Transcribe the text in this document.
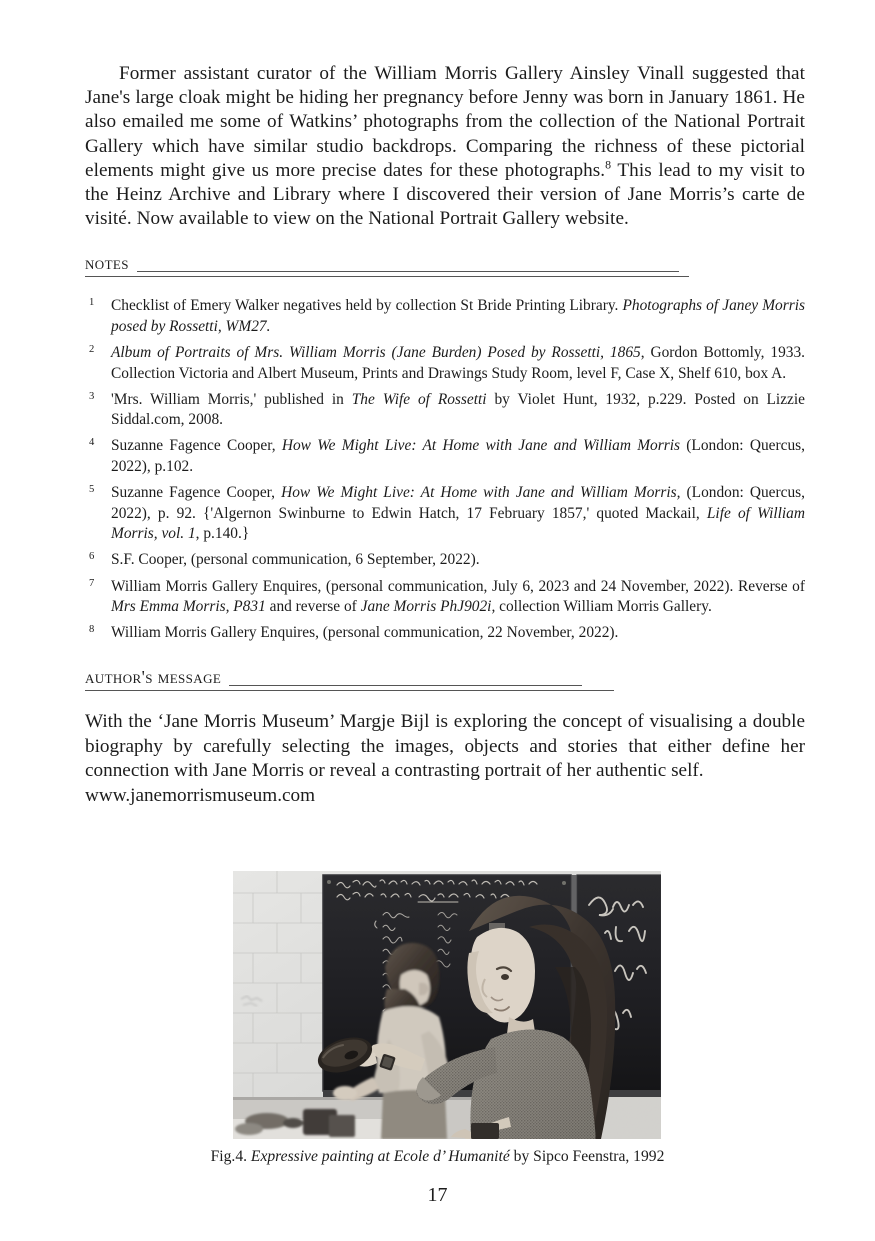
Former assistant curator of the William Morris Gallery Ainsley Vinall suggested that Jane's large cloak might be hiding her pregnancy before Jenny was born in January 1861. He also emailed me some of Watkins’ photographs from the collection of the National Portrait Gallery which have similar studio backdrops. Comparing the richness of these pictorial elements might give us more precise dates for these photographs.$^8$ This lead to my visit to the Heinz Archive and Library where I discovered their version of Jane Morris’s carte de visité. Now available to view on the National Portrait Gallery website.

notes
1 Checklist of Emery Walker negatives held by collection St Bride Printing Library. Photographs of Janey Morris posed by Rossetti, WM27.
2 Album of Portraits of Mrs. William Morris (Jane Burden) Posed by Rossetti, 1865, Gordon Bottomly, 1933. Collection Victoria and Albert Museum, Prints and Drawings Study Room, level F, Case X, Shelf 610, box A.
3 'Mrs. William Morris,' published in The Wife of Rossetti by Violet Hunt, 1932, p.229. Posted on Lizzie Siddal.com, 2008.
4 Suzanne Fagence Cooper, How We Might Live: At Home with Jane and William Morris (London: Quercus, 2022), p.102.
5 Suzanne Fagence Cooper, How We Might Live: At Home with Jane and William Morris, (London: Quercus, 2022), p. 92. {'Algernon Swinburne to Edwin Hatch, 17 February 1857,' quoted Mackail, Life of William Morris, vol. 1, p.140.}
6 S.F. Cooper, (personal communication, 6 September, 2022).
7 William Morris Gallery Enquires, (personal communication, July 6, 2023 and 24 November, 2022). Reverse of Mrs Emma Morris, P831 and reverse of Jane Morris PhJ902i, collection William Morris Gallery.
8 William Morris Gallery Enquires, (personal communication, 22 November, 2022).
author's message

With the ‘Jane Morris Museum’ Margje Bijl is exploring the concept of visualising a double biography by carefully selecting the images, objects and stories that either define her connection with Jane Morris or reveal a contrasting portrait of her authentic self.

www.janemorrismuseum.com

Fig.4. Expressive painting at Ecole d’ Humanité by Sipco Feenstra, 1992
17
